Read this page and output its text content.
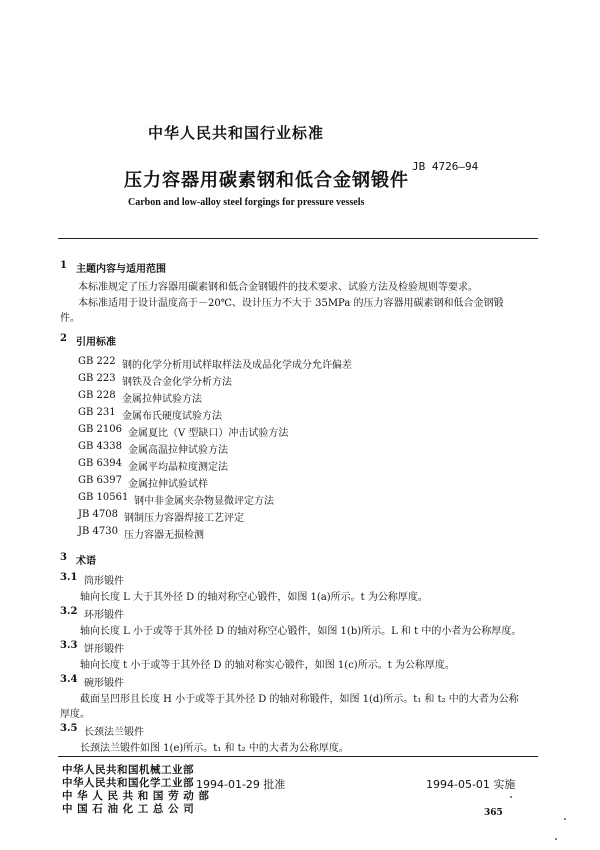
中华人民共和国行业标准
JB 4726—94
压力容器用碳素钢和低合金钢锻件
Carbon and low-alloy steel forgings for pressure vessels
1 主题内容与适用范围
本标准规定了压力容器用碳素钢和低合金钢锻件的技术要求、试验方法及检验规则等要求。
本标准适用于设计温度高于－20℃、设计压力不大于 35MPa 的压力容器用碳素钢和低合金钢锻
件。
2 引用标准
GB 222 钢的化学分析用试样取样法及成品化学成分允许偏差
GB 223 钢铁及合金化学分析方法
GB 228 金属拉伸试验方法
GB 231 金属布氏硬度试验方法
GB 2106 金属夏比（V 型缺口）冲击试验方法
GB 4338 金属高温拉伸试验方法
GB 6394 金属平均晶粒度测定法
GB 6397 金属拉伸试验试样
GB 10561 钢中非金属夹杂物显微评定方法
JB 4708 钢制压力容器焊接工艺评定
JB 4730 压力容器无损检测
3 术语
3.1 筒形锻件
轴向长度 L 大于其外径 D 的轴对称空心锻件，如图 1(a)所示。t 为公称厚度。
3.2 环形锻件
轴向长度 L 小于或等于其外径 D 的轴对称空心锻件，如图 1(b)所示。L 和 t 中的小者为公称厚度。
3.3 饼形锻件
轴向长度 t 小于或等于其外径 D 的轴对称实心锻件，如图 1(c)所示。t 为公称厚度。
3.4 碗形锻件
截面呈凹形且长度 H 小于或等于其外径 D 的轴对称锻件，如图 1(d)所示。t₁ 和 t₂ 中的大者为公称
厚度。
3.5 长颈法兰锻件
长颈法兰锻件如图 1(e)所示。t₁ 和 t₂ 中的大者为公称厚度。
中华人民共和国机械工业部
中华人民共和国化学工业部
中 华 人 民 共 和 国 劳 动 部
中 国 石 油 化 工 总 公 司
1994-01-29 批准	1994-05-01 实施
365
